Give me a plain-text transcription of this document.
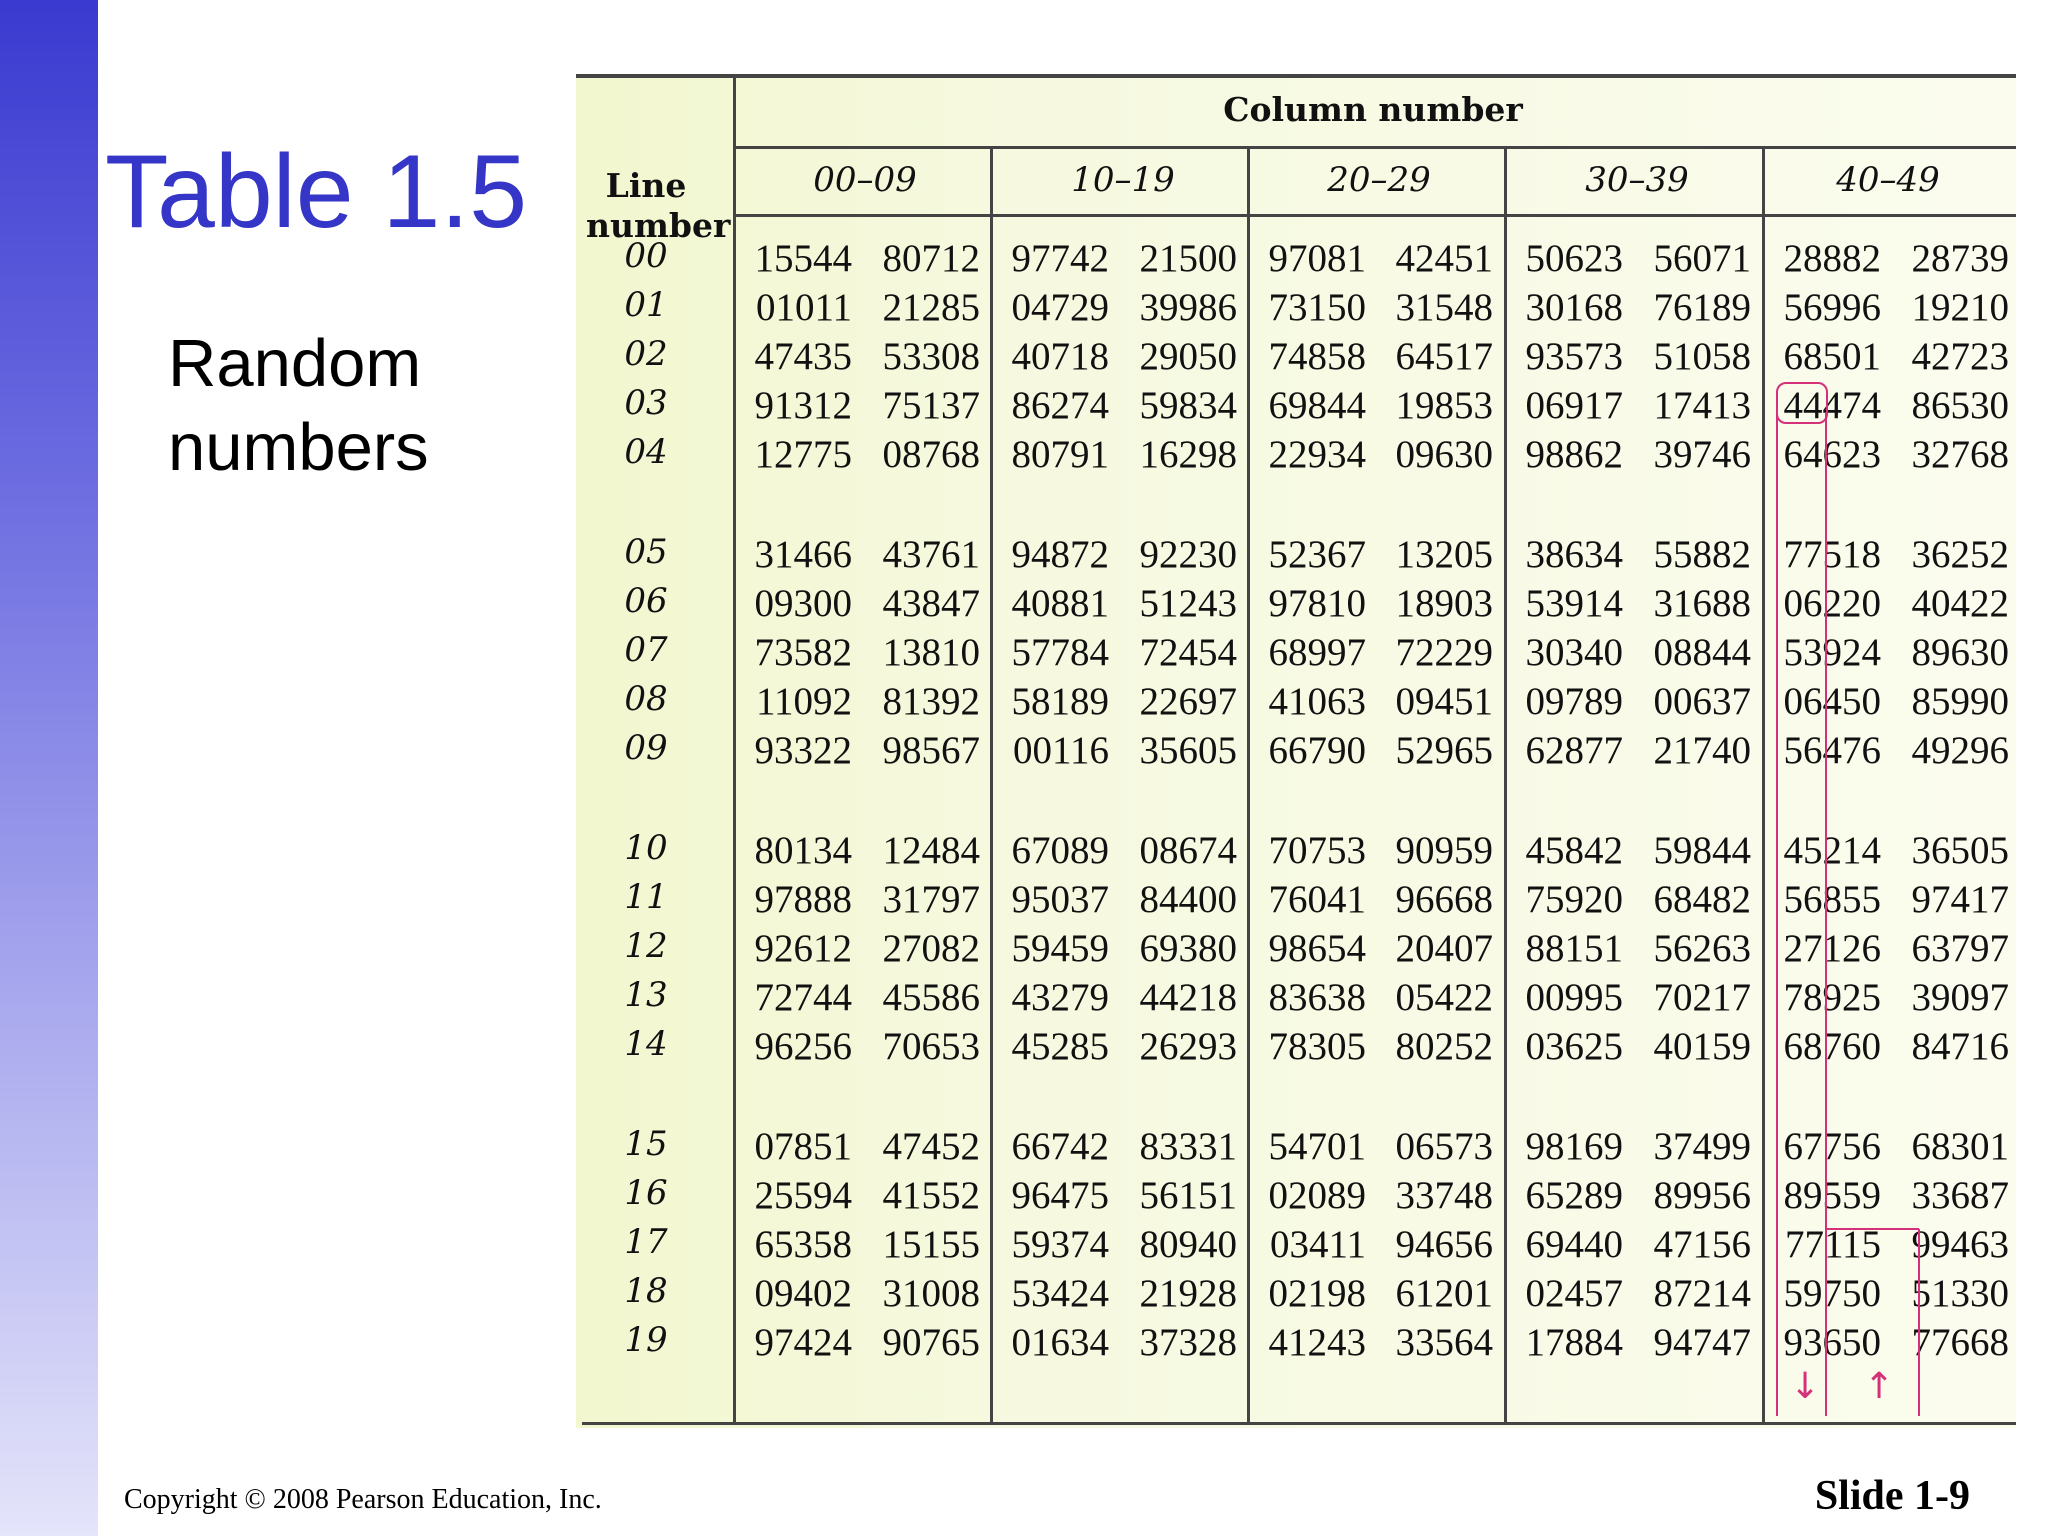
Table 1.5
Random numbers
Line number
Column number
00–09	10–19	20–29	30–39	40–49
00	15544 80712 97742 21500 97081 42451 50623 56071 28882 28739
01	01011 21285 04729 39986 73150 31548 30168 76189 56996 19210
02	47435 53308 40718 29050 74858 64517 93573 51058 68501 42723
03	91312 75137 86274 59834 69844 19853 06917 17413 44474 86530
04	12775 08768 80791 16298 22934 09630 98862 39746 64623 32768
05	31466 43761 94872 92230 52367 13205 38634 55882 77518 36252
06	09300 43847 40881 51243 97810 18903 53914 31688 06220 40422
07	73582 13810 57784 72454 68997 72229 30340 08844 53924 89630
08	11092 81392 58189 22697 41063 09451 09789 00637 06450 85990
09	93322 98567 00116 35605 66790 52965 62877 21740 56476 49296
10	80134 12484 67089 08674 70753 90959 45842 59844 45214 36505
11	97888 31797 95037 84400 76041 96668 75920 68482 56855 97417
12	92612 27082 59459 69380 98654 20407 88151 56263 27126 63797
13	72744 45586 43279 44218 83638 05422 00995 70217 78925 39097
14	96256 70653 45285 26293 78305 80252 03625 40159 68760 84716
15	07851 47452 66742 83331 54701 06573 98169 37499 67756 68301
16	25594 41552 96475 56151 02089 33748 65289 89956 89559 33687
17	65358 15155 59374 80940 03411 94656 69440 47156 77115 99463
18	09402 31008 53424 21928 02198 61201 02457 87214 59750 51330
19	97424 90765 01634 37328 41243 33564 17884 94747 93650 77668
↓ ↑
Copyright © 2008 Pearson Education, Inc.	Slide 1-9
